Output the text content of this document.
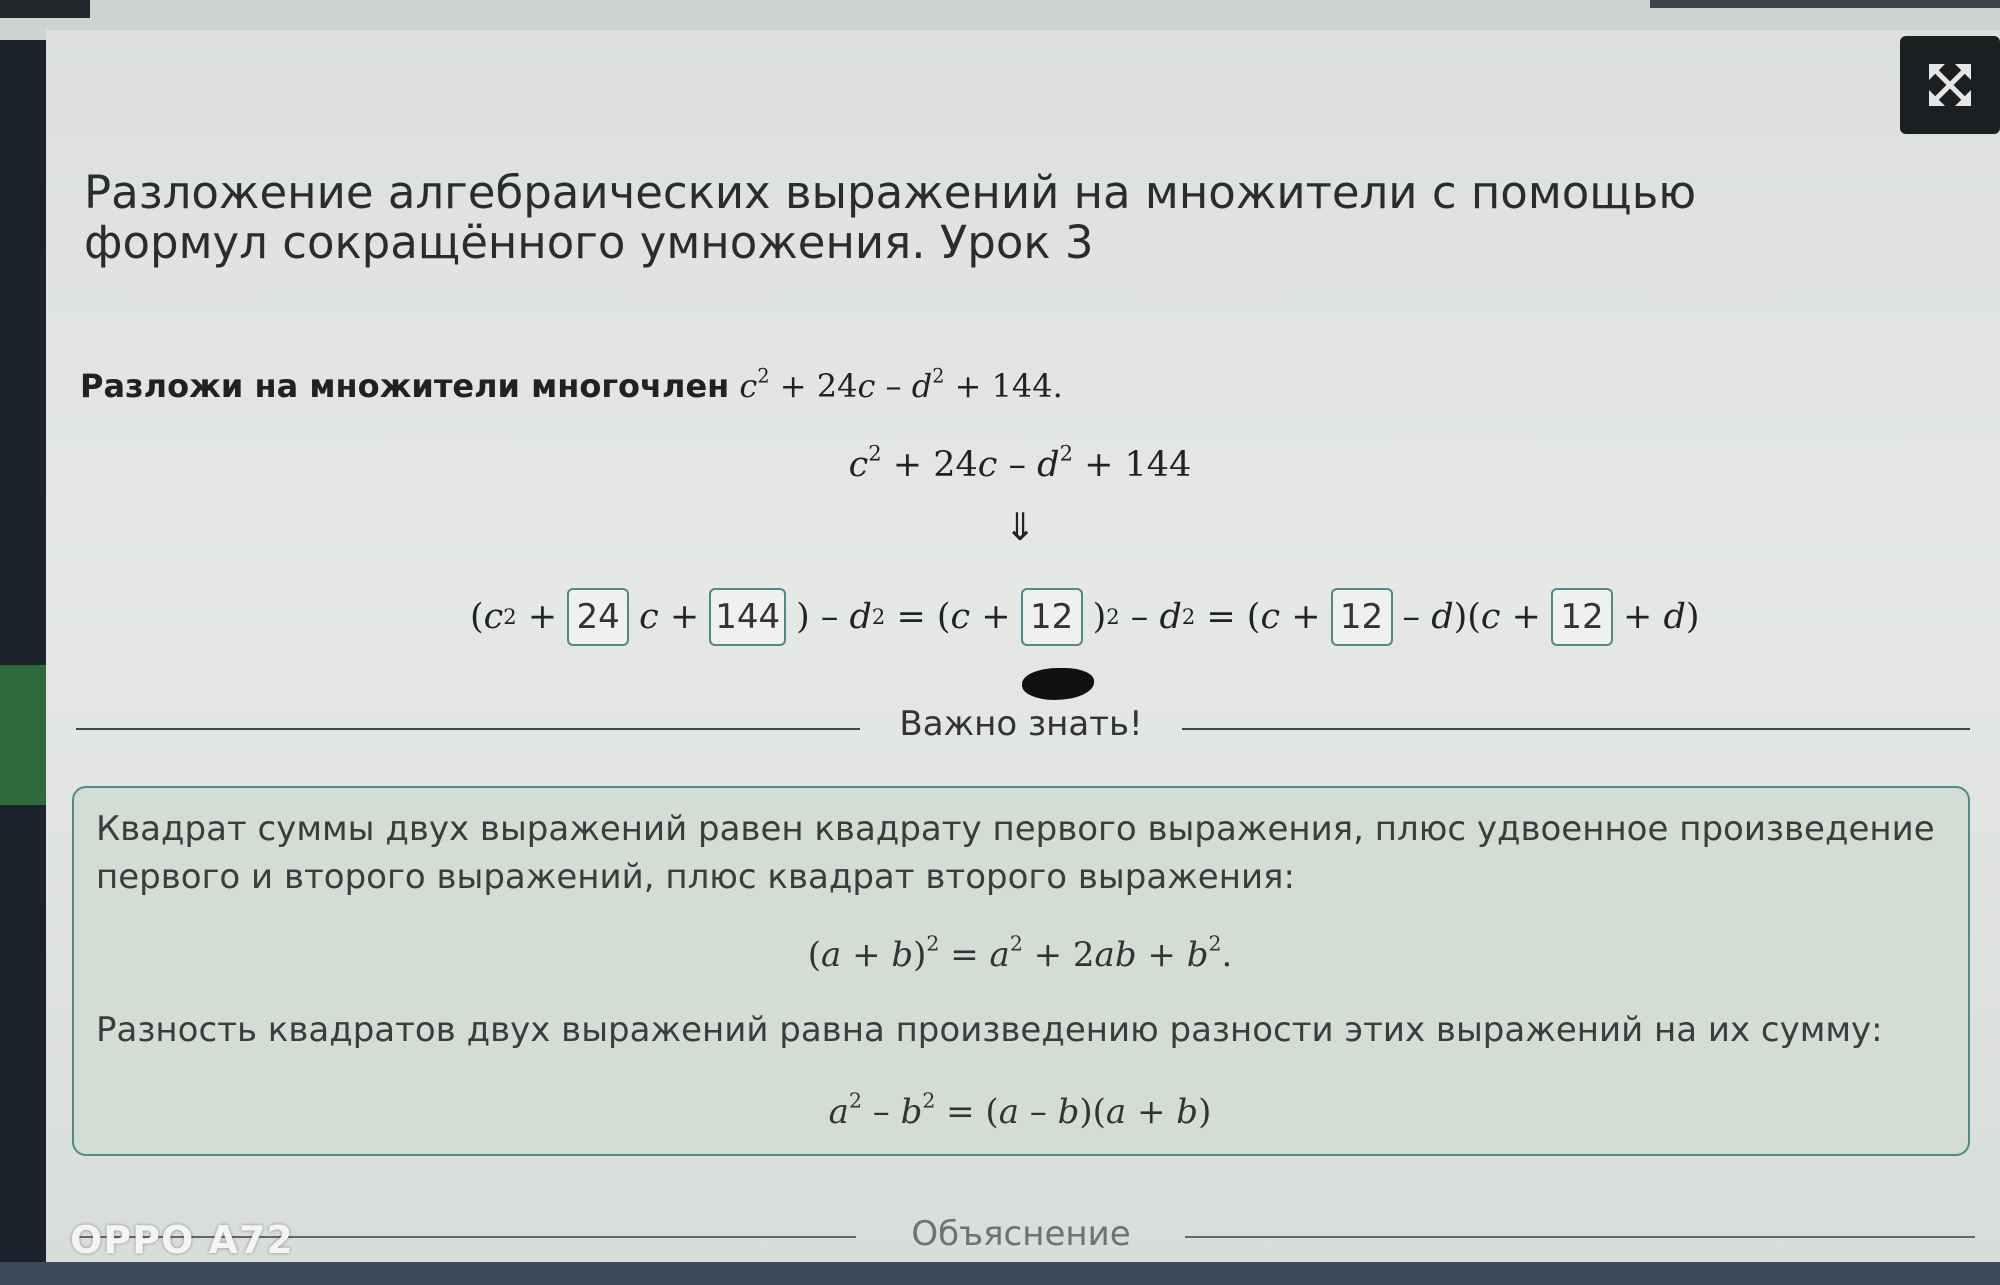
Разложение алгебраических выражений на множители с помощью формул сокращённого умножения. Урок 3
Разложи на множители многочлен $c^2 + 24c - d^2 + 144$.
$c^2 + 24c - d^2 + 144$
⇓
( c 2
+ 24 c
+ 144 ) –
d 2
= ( c
+ 12 ) 2
–
d 2
= ( c
+ 12 –
d )( c
+ 12 +
d )
Важно знать!
Квадрат суммы двух выражений равен квадрату первого выражения, плюс удвоенное произведение первого и второго выражений, плюс квадрат второго выражения:
$(a + b)^2 = a^2 + 2ab + b^2$.
Разность квадратов двух выражений равна произведению разности этих выражений на их сумму:
$a^2 - b^2 = (a - b)(a + b)$
Объяснение
OPPO A72
